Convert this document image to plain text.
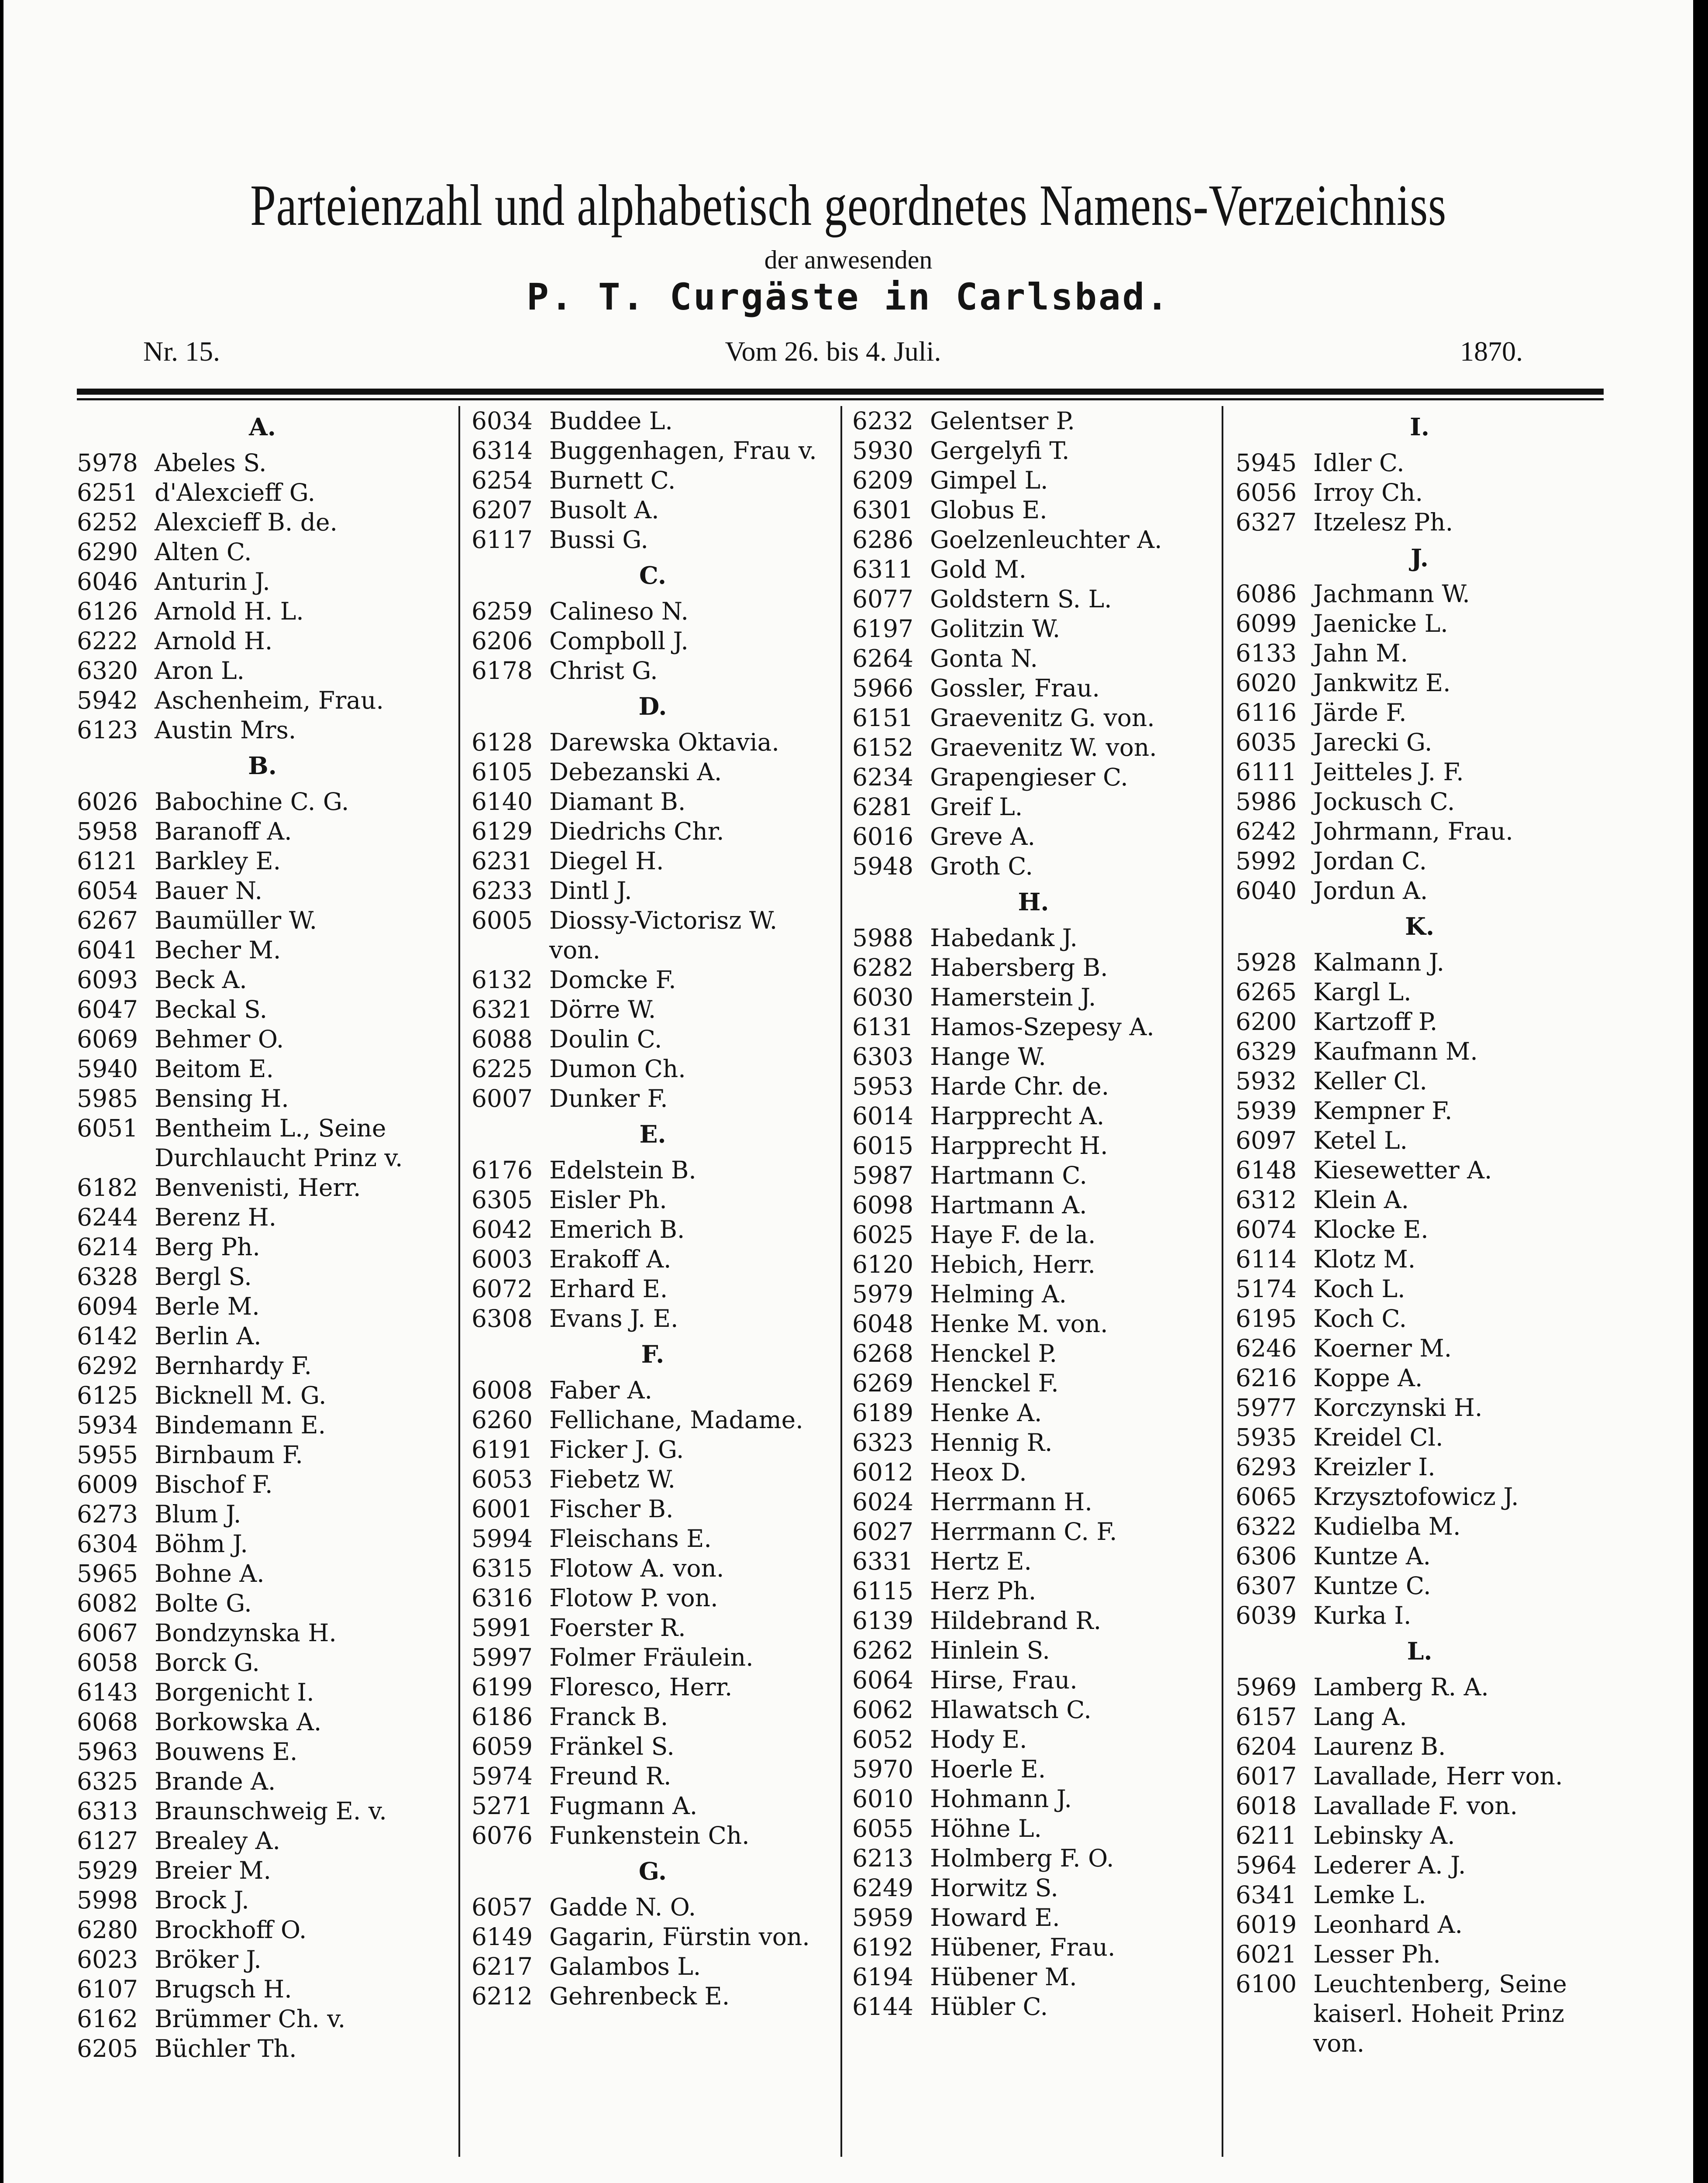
Parteienzahl und alphabetisch geordnetes Namens-Verzeichniss
der anwesenden
P. T. Curgäste in Carlsbad.
Nr. 15.	Vom 26. bis 4. Juli.	1870.
A.
5978 Abeles S.
6251 d'Alexcieff G.
6252 Alexcieff B. de.
6290 Alten C.
6046 Anturin J.
6126 Arnold H. L.
6222 Arnold H.
6320 Aron L.
5942 Aschenheim, Frau.
6123 Austin Mrs.
B.
6026 Babochine C. G.
5958 Baranoff A.
6121 Barkley E.
6054 Bauer N.
6267 Baumüller W.
6041 Becher M.
6093 Beck A.
6047 Beckal S.
6069 Behmer O.
5940 Beitom E.
5985 Bensing H.
6051 Bentheim L., Seine
Durchlaucht Prinz v.
6182 Benvenisti, Herr.
6244 Berenz H.
6214 Berg Ph.
6328 Bergl S.
6094 Berle M.
6142 Berlin A.
6292 Bernhardy F.
6125 Bicknell M. G.
5934 Bindemann E.
5955 Birnbaum F.
6009 Bischof F.
6273 Blum J.
6304 Böhm J.
5965 Bohne A.
6082 Bolte G.
6067 Bondzynska H.
6058 Borck G.
6143 Borgenicht I.
6068 Borkowska A.
5963 Bouwens E.
6325 Brande A.
6313 Braunschweig E. v.
6127 Brealey A.
5929 Breier M.
5998 Brock J.
6280 Brockhoff O.
6023 Bröker J.
6107 Brugsch H.
6162 Brümmer Ch. v.
6205 Büchler Th.
6034 Buddee L.
6314 Buggenhagen, Frau v.
6254 Burnett C.
6207 Busolt A.
6117 Bussi G.
C.
6259 Calineso N.
6206 Compboll J.
6178 Christ G.
D.
6128 Darewska Oktavia.
6105 Debezanski A.
6140 Diamant B.
6129 Diedrichs Chr.
6231 Diegel H.
6233 Dintl J.
6005 Diossy-Victorisz W.
von.
6132 Domcke F.
6321 Dörre W.
6088 Doulin C.
6225 Dumon Ch.
6007 Dunker F.
E.
6176 Edelstein B.
6305 Eisler Ph.
6042 Emerich B.
6003 Erakoff A.
6072 Erhard E.
6308 Evans J. E.
F.
6008 Faber A.
6260 Fellichane, Madame.
6191 Ficker J. G.
6053 Fiebetz W.
6001 Fischer B.
5994 Fleischans E.
6315 Flotow A. von.
6316 Flotow P. von.
5991 Foerster R.
5997 Folmer Fräulein.
6199 Floresco, Herr.
6186 Franck B.
6059 Fränkel S.
5974 Freund R.
5271 Fugmann A.
6076 Funkenstein Ch.
G.
6057 Gadde N. O.
6149 Gagarin, Fürstin von.
6217 Galambos L.
6212 Gehrenbeck E.
6232 Gelentser P.
5930 Gergelyfi T.
6209 Gimpel L.
6301 Globus E.
6286 Goelzenleuchter A.
6311 Gold M.
6077 Goldstern S. L.
6197 Golitzin W.
6264 Gonta N.
5966 Gossler, Frau.
6151 Graevenitz G. von.
6152 Graevenitz W. von.
6234 Grapengieser C.
6281 Greif L.
6016 Greve A.
5948 Groth C.
H.
5988 Habedank J.
6282 Habersberg B.
6030 Hamerstein J.
6131 Hamos-Szepesy A.
6303 Hange W.
5953 Harde Chr. de.
6014 Harpprecht A.
6015 Harpprecht H.
5987 Hartmann C.
6098 Hartmann A.
6025 Haye F. de la.
6120 Hebich, Herr.
5979 Helming A.
6048 Henke M. von.
6268 Henckel P.
6269 Henckel F.
6189 Henke A.
6323 Hennig R.
6012 Heox D.
6024 Herrmann H.
6027 Herrmann C. F.
6331 Hertz E.
6115 Herz Ph.
6139 Hildebrand R.
6262 Hinlein S.
6064 Hirse, Frau.
6062 Hlawatsch C.
6052 Hody E.
5970 Hoerle E.
6010 Hohmann J.
6055 Höhne L.
6213 Holmberg F. O.
6249 Horwitz S.
5959 Howard E.
6192 Hübener, Frau.
6194 Hübener M.
6144 Hübler C.
I.
5945 Idler C.
6056 Irroy Ch.
6327 Itzelesz Ph.
J.
6086 Jachmann W.
6099 Jaenicke L.
6133 Jahn M.
6020 Jankwitz E.
6116 Järde F.
6035 Jarecki G.
6111 Jeitteles J. F.
5986 Jockusch C.
6242 Johrmann, Frau.
5992 Jordan C.
6040 Jordun A.
K.
5928 Kalmann J.
6265 Kargl L.
6200 Kartzoff P.
6329 Kaufmann M.
5932 Keller Cl.
5939 Kempner F.
6097 Ketel L.
6148 Kiesewetter A.
6312 Klein A.
6074 Klocke E.
6114 Klotz M.
5174 Koch L.
6195 Koch C.
6246 Koerner M.
6216 Koppe A.
5977 Korczynski H.
5935 Kreidel Cl.
6293 Kreizler I.
6065 Krzysztofowicz J.
6322 Kudielba M.
6306 Kuntze A.
6307 Kuntze C.
6039 Kurka I.
L.
5969 Lamberg R. A.
6157 Lang A.
6204 Laurenz B.
6017 Lavallade, Herr von.
6018 Lavallade F. von.
6211 Lebinsky A.
5964 Lederer A. J.
6341 Lemke L.
6019 Leonhard A.
6021 Lesser Ph.
6100 Leuchtenberg, Seine
kaiserl. Hoheit Prinz
von.
